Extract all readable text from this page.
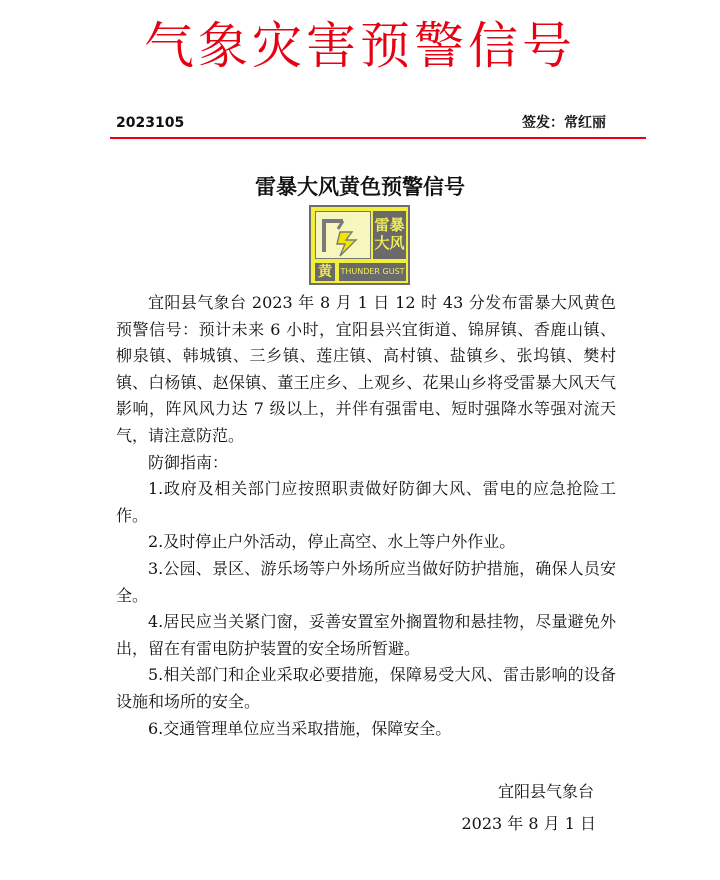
气象灾害预警信号
2023105	签发：常红丽
雷暴大风黄色预警信号
雷暴大风
黄	THUNDER GUST

宜阳县气象台 2023 年 8 月 1 日 12 时 43 分发布雷暴大风黄色预警信号：预计未来 6 小时，宜阳县兴宜街道、锦屏镇、香鹿山镇、柳泉镇、韩城镇、三乡镇、莲庄镇、高村镇、盐镇乡、张坞镇、樊村镇、白杨镇、赵保镇、董王庄乡、上观乡、花果山乡将受雷暴大风天气影响，阵风风力达 7 级以上，并伴有强雷电、短时强降水等强对流天气，请注意防范。

防御指南：

1.政府及相关部门应按照职责做好防御大风、雷电的应急抢险工作。

2.及时停止户外活动，停止高空、水上等户外作业。

3.公园、景区、游乐场等户外场所应当做好防护措施，确保人员安全。

4.居民应当关紧门窗，妥善安置室外搁置物和悬挂物，尽量避免外出，留在有雷电防护装置的安全场所暂避。

5.相关部门和企业采取必要措施，保障易受大风、雷击影响的设备设施和场所的安全。

6.交通管理单位应当采取措施，保障安全。

宜阳县气象台
2023 年 8 月 1 日
